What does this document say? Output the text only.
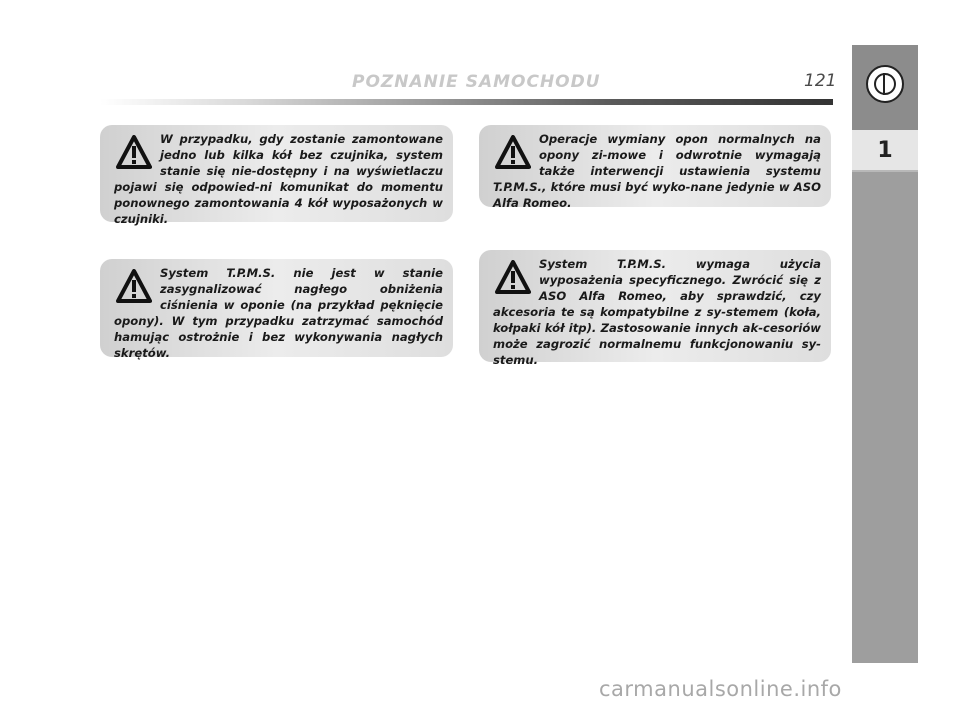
POZNANIE SAMOCHODU	121
1
W przypadku, gdy zostanie zamontowane jedno lub kilka kół bez czujnika, system stanie się nie-dostępny i na wyświetlaczu pojawi się odpowied-ni komunikat do momentu ponownego zamontowania 4 kół wyposażonych w czujniki.
System T.P.M.S. nie jest w stanie zasygnalizować nagłego obniżenia ciśnienia w oponie (na przykład pęknięcie opony). W tym przypadku zatrzymać samochód hamując ostrożnie i bez wykonywania nagłych skrętów.
Operacje wymiany opon normalnych na opony zi-mowe i odwrotnie wymagają także interwencji ustawienia systemu T.P.M.S., które musi być wyko-nane jedynie w ASO Alfa Romeo.
System T.P.M.S. wymaga użycia wyposażenia specyficznego. Zwrócić się z ASO Alfa Romeo, aby sprawdzić, czy akcesoria te są kompatybilne z sy-stemem (koła, kołpaki kół itp). Zastosowanie innych ak-cesoriów może zagrozić normalnemu funkcjonowaniu sy-stemu.
carmanualsonline.info
